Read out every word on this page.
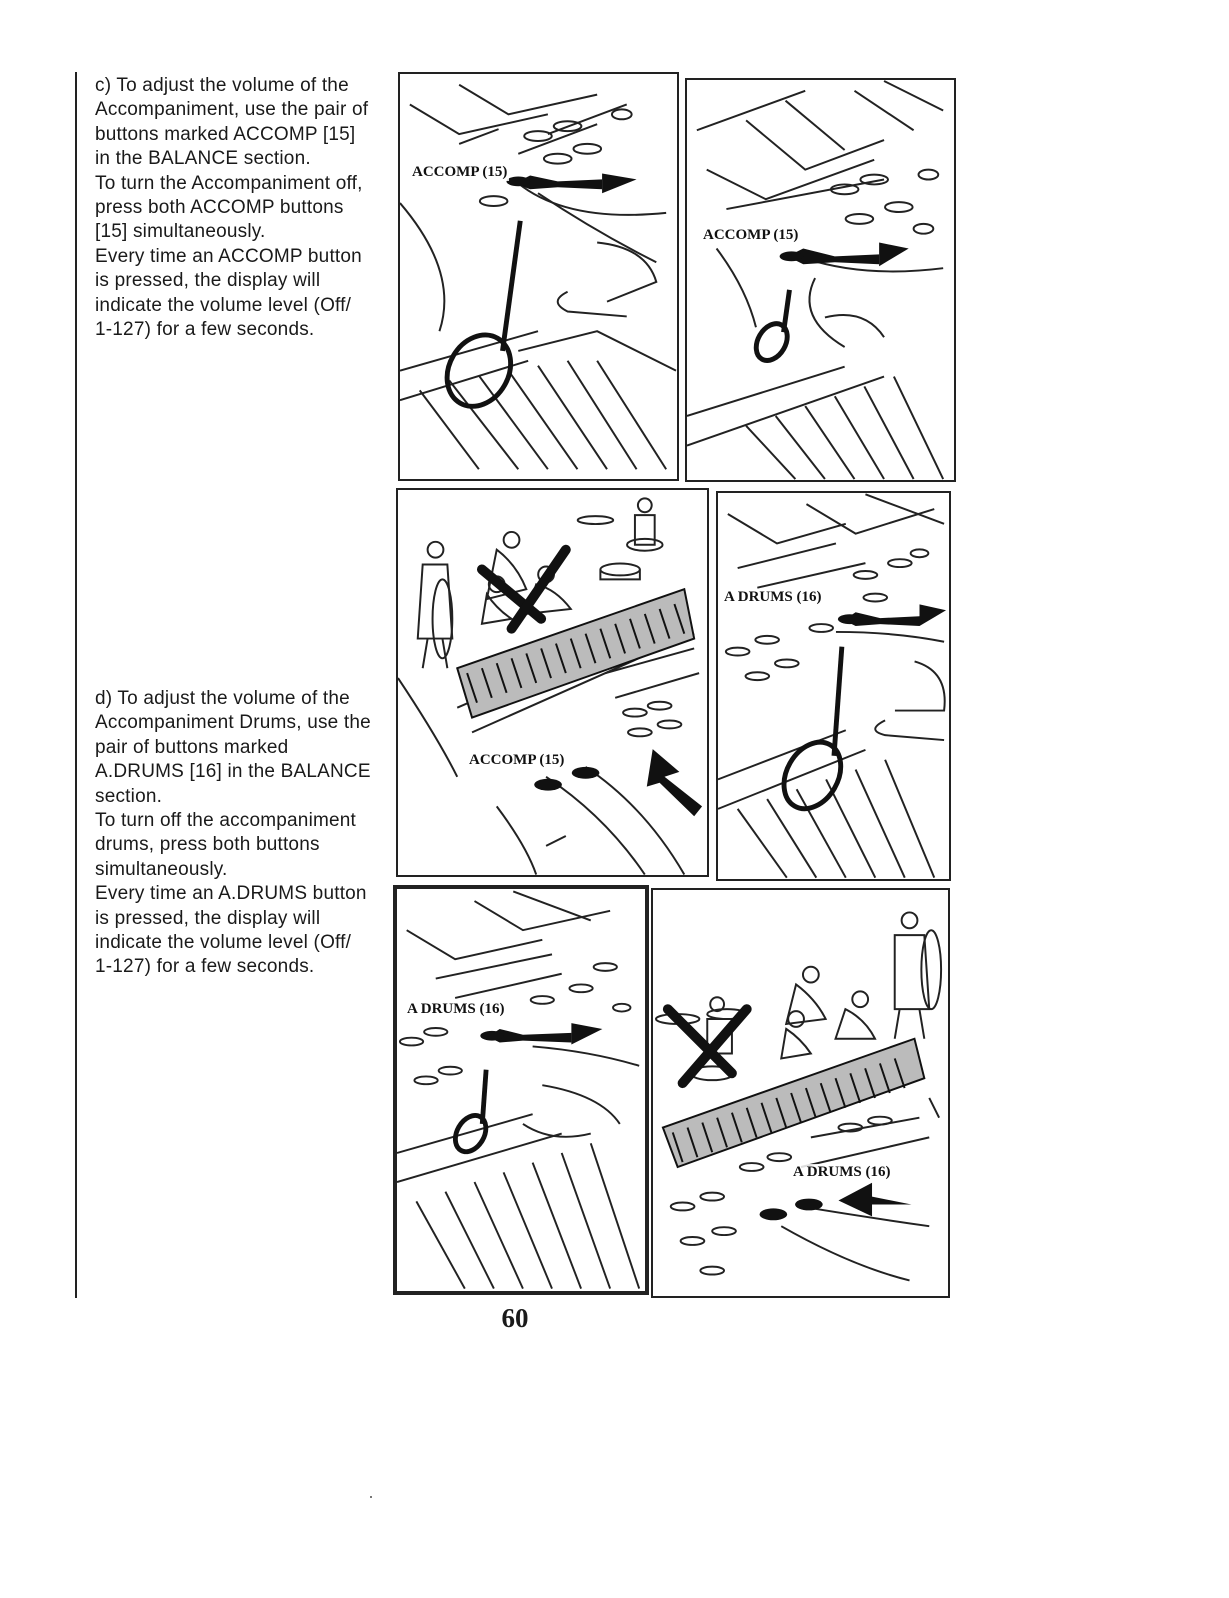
c) To adjust the volume of the

Accompaniment, use the pair of

buttons marked ACCOMP [15]

in the BALANCE section.

To turn the Accompaniment off,

press both ACCOMP buttons

[15] simultaneously.

Every time an ACCOMP button

is pressed, the display will

indicate the volume level (Off/

1-127) for a few seconds.

d) To adjust the volume of the

Accompaniment Drums, use the

pair of buttons marked

A.DRUMS [16] in the BALANCE

section.

To turn off the accompaniment

drums, press both buttons

simultaneously.

Every time an A.DRUMS button

is pressed, the display will

indicate the volume level (Off/

1-127) for a few seconds.

ACCOMP (15)
ACCOMP (15)
ACCOMP (15)
A DRUMS (16)
A DRUMS (16)
A DRUMS (16)
60
